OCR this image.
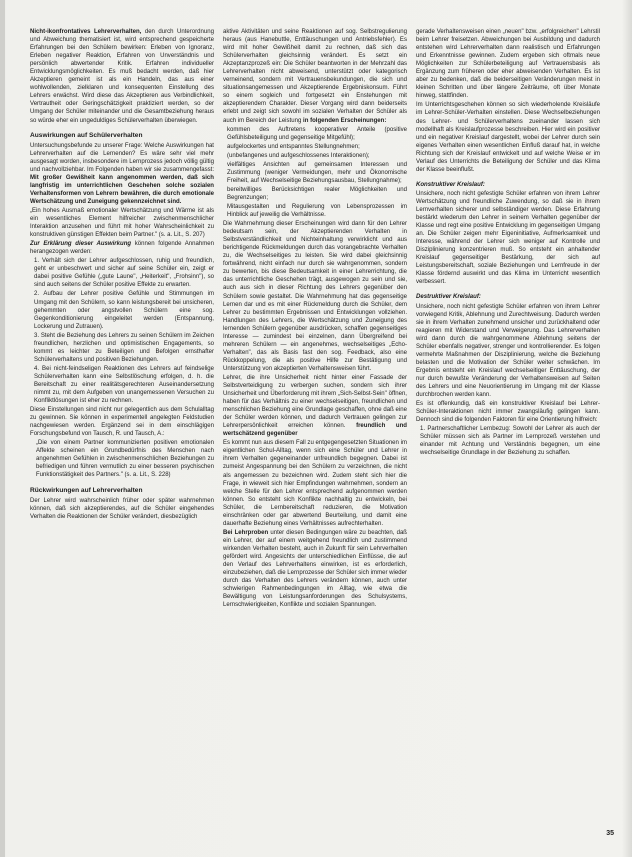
Nicht-ikonfrontatives Lehrerverhalten, den durch Unterordnung und Abweichung thematisiert ist, wird entsprechend gespeicherte Erfahrungen bei den Schülern bewirken: Erleben von Ignoranz, Erleben negativer Reaktion, Erfahren von Unverständnis und persönlich abwertender Kritik. Erfahren individueller Entwicklungsmöglichkeiten. Es muß bedacht werden, daß hier Akzeptieren gemeint ist als ein Handeln, das aus einer wohlwollenden, zielklaren und konsequenten Einstellung des Lehrers erwächst. Wird diese das Akzeptieren aus Verbindlichkeit, Vertrautheit oder Geringschätzigkeit praktiziert werden, so der Umgang der Schüler miteinander und die Gesamtbeziehung heraus so würde eher ein ungeduldiges Schülerverhalten überwiegen.

Auswirkungen auf Schülerverhalten

Untersuchungsbefunde zu unserer Frage: Welche Auswirkungen hat Lehrerverhalten auf die Lernenden? Es wäre sehr viel mehr ausgesagt worden, insbesondere im Lernprozess jedoch völlig gültig und nachvollziehbar. Im Folgenden haben wir sie zusammengefasst: Mit großer Gewißheit kann angenommen werden, daß sich langfristig im unterrichtlichen Geschehen solche sozialen Verhaltensformen von Lehrern bewähren, die durch emotionale Wertschätzung und Zuneigung gekennzeichnet sind.

„Ein hohes Ausmaß emotionaler Wertschätzung und Wärme ist als ein wesentliches Element hilfreicher zwischenmenschlicher Interaktion anzusehen und führt mit hoher Wahrscheinlichkeit zu konstruktiven günstigen Effekten beim Partner." (s. a. Lit., S. 207)

Zur Erklärung dieser Auswirkung können folgende Annahmen herangezogen werden:

1. Verhält sich der Lehrer aufgeschlossen, ruhig und freundlich, geht er unbeschwert und sicher auf seine Schüler ein, zeigt er dabei positive Gefühle („gute Laune", „Heiterkeit", „Frohsinn"), so sind auch seitens der Schüler positive Effekte zu erwarten.
2. Aufbau der Lehrer positive Gefühle und Stimmungen im Umgang mit den Schülern, so kann leistungsbereit bei unsicheren, gehemmten oder angstvollen Schülern eine sog. Gegenkonditionierung eingeleitet werden (Entspannung, Lockerung und Zutrauen).
3. Steht die Beziehung des Lehrers zu seinen Schülern im Zeichen freundlichen, herzlichen und optimistischen Engagements, so kommt es leichter zu Beteiligen und Befolgen ernsthafter Schülerverhaltens und positiven Beziehungen.
4. Bei nicht-feindseligen Reaktionen des Lehrers auf feindselige Schülerverhalten kann eine Selbstlöschung erfolgen, d. h. die Bereitschaft zu einer realitätsgerechteren Auseinandersetzung nimmt zu, mit dem Aufgeben von unangemessenen Versuchen zu Konfliktlösungen ist eher zu rechnen.

Diese Einstellungen sind nicht nur gelegentlich aus dem Schulalltag zu gewinnen. Sie können in experimentell angelegten Feldstudien nachgewiesen werden. Ergänzend sei in dem einschlägigen Forschungsbefund von Tausch, R. und Tausch, A.:

„Die von einem Partner kommunizierten positiven emotionalen Affekte scheinen ein Grundbedürfnis des Menschen nach angenehmen Gefühlen in zwischenmenschlichen Beziehungen zu befriedigen und führen vermutlich zu einer besseren psychischen Funktionstätigkeit des Partners." (s. a. Lit., S. 228)

Rückwirkungen auf Lehrerverhalten

Der Lehrer wird wahrscheinlich früher oder später wahrnehmen können, daß sich akzeptierendes, auf die Schüler eingehendes Verhalten die Reaktionen der Schüler verändert, diesbezüglich

aktive Aktivitäten und seine Reaktionen auf sog. Selbstregulierung heraus (aus Hanebuttle, Enttäuschungen und Antriebsfehler). Es wird mit hoher Gewißheit damit zu rechnen, daß sich das Schülerverhalten gleichsinnig verändert. Es setzt ein Akzeptanzprozeß ein: Die Schüler beantworten in der Mehrzahl das Lehrerverhalten nicht abweisend, unterstützt oder kategorisch verneinend, sondern mit Vertrauensbekundungen, die sich und situationsangemessen und Akzeptierende Ergebniskonsum. Führt so einem sogleich und fortgesetzt ein Enstehungen mit akzeptierendem Charakter. Dieser Vorgang wird dann beiderseits erlebt und zeigt sich sowohl im sozialen Verhalten der Schüler als auch im Bereich der Leistung in folgenden Erscheinungen:

kommen des Auftretens kooperativer Anteile (positive Gefühlsbeteiligung und gegenseitige Mitgefühl);
aufgelockertes und entspanntes Stellungnehmen;
(unbefangenes und aufgeschlossenes Interaktionen);
vielfältiges Ansichten auf gemeinsamen Interessen und Zustimmung (weniger Vermeidungen, mehr und Ökonomische Freiheit, auf Wechselseitige Beziehungsausbau, Stellungnahme);
bereitwilliges Berücksichtigen realer Möglichkeiten und Begrenzungen;
Mitausgestalten und Regulierung von Lebensprozessen im Hinblick auf jeweilig die Verhältnisse.

Die Wahrnehmung dieser Erscheinungen wird dann für den Lehrer bedeutsam sein, der Akzeptierenden Verhalten in Selbstverständlichkeit und Nichteinhaltung verwirklicht und aus berichtigende Rückmeldungen durch das vorangebrachte Verhalten zu, die Wechselseitiges zu leisten. Sie wird dabei gleichsinnig fortwährend, nicht einfach nur durch sie wahrgenommen, sondern zu bewerten, bis diese Bedeutsamkeit in einer Lehrerrichtung, die das unterrichtliche Geschehen trägt, ausgewogen zu sein und sie, auch aus sich in dieser Richtung des Lehrers gegenüber den Schülern sowie gestaltet. Die Wahrnehmung hat das gegenseitige Lernen dar und es mit einer Rückmeldung durch die Schüler, dem Lehrer zu bestimmten Ergebnissen und Entwicklungen vollziehen. Handlungen des Lehrers, die Wertschätzung und Zuneigung des lernenden Schülern gegenüber ausdrücken, schaffen gegenseitiges Interesse — zumindest bei einzelnen, dann Übergreifend bei mehreren Schülern — ein angenehmes, wechselseitiges „Echo-Verhalten", das als Basis fast den sog. Feedback, also eine Rückkoppelung, die als positive Hilfe zur Bestätigung und Unterstützung von akzeptierten Verhaltensweisen führt.

Lehrer, die ihre Unsicherheit nicht hinter einer Fassade der Selbstverteidigung zu verbergen suchen, sondern sich ihrer Unsicherheit und Überforderung mit ihrem „Sich-Selbst-Sein" öffnen, haben für das Verhältnis zu einer wechselseitigen, freundlichen und menschlichen Beziehung eine Grundlage geschaffen, ohne daß eine der Schüler werden können, und dadurch Vertrauen gelingen zur Lehrerpersönlichkeit erreichen können. freundlich und wertschätzend gegenüber

Es kommt nun aus diesem Fall zu entgegengesetzten Situationen im eigentlichen Schul-Alltag, wenn sich eine Schüler und Lehrer in ihrem Verhalten gegeneinander unfreundlich begegnen. Dabei ist zumeist Angespannung bei den Schülern zu verzeichnen, die nicht als angemessen zu bezeichnen wird. Zudem steht sich hier die Frage, in wieweit sich hier Empfindungen wahrnehmen, sondern an welche Stelle für den Lehrer entsprechend aufgenommen werden können. So entsteht sich Konflikte nachhaltig zu entwickeln, bei Schüler, die Lernbereitschaft reduzieren, die Motivation einschränken oder gar abwertend Beurteilung, und damit eine dauerhafte Beziehung eines Verhältnisses aufrechterhalten.

Bei Lehrproben unter diesen Bedingungen wäre zu beachten, daß ein Lehrer, der auf einem weitgehend freundlich und zustimmend wirkenden Verhalten besteht, auch in Zukunft für sein Lehrverhalten gefördert wird. Angesichts der unterschiedlichen Einflüsse, die auf den Verlauf des Lehrverhaltens einwirken, ist es erforderlich, einzubeziehen, daß die Lernprozesse der Schüler sich immer wieder durch das Verhalten des Lehrers verändern können, auch unter schwierigen Rahmenbedingungen im Alltag, wie etwa die Bewältigung von Leistungsanforderungen des Schulsystems, Lernschwierigkeiten, Konflikte und sozialen Spannungen.

gerade Verhaltensweisen einen „neuen" bzw. „erfolgreichen" Lehrstil beim Lehrer freisetzen. Abweichungen bei Ausbildung und dadurch entstehen wird Lehrerverhalten dann realistisch und Erfahrungen und Erkenntnisse gewinnen. Zudem ergeben sich oftmals neue Möglichkeiten zur Schülerbeteiligung auf Vertrauensbasis als Ergänzung zum früheren oder eher abweisenden Verhalten. Es ist aber zu bedenken, daß die beiderseitigen Veränderungen meist in kleinen Schritten und über längere Zeiträume, oft über Monate hinweg, stattfinden.

Im Unterrichtsgeschehen können so sich wiederholende Kreisläufe im Lehrer-Schüler-Verhalten einstellen. Diese Wechselbeziehungen des Lehrer- und Schülerverhaltens zueinander lassen sich modellhaft als Kreislaufprozesse beschreiben. Hier wird ein positiver und ein negativer Kreislauf dargestellt, wobei der Lehrer durch sein eigenes Verhalten einen wesentlichen Einfluß darauf hat, in welche Richtung sich der Kreislauf entwickelt und auf welche Weise er im Verlauf des Unterrichts die Beteiligung der Schüler und das Klima der Klasse beeinflußt.

Konstruktiver Kreislauf:

Unsichere, noch nicht gefestigte Schüler erfahren von ihrem Lehrer Wertschätzung und freundliche Zuwendung, so daß sie in ihrem Lernverhalten sicherer und selbständiger werden. Diese Erfahrung bestärkt wiederum den Lehrer in seinem Verhalten gegenüber der Klasse und regt eine positive Entwicklung im gegenseitigen Umgang an. Die Schüler zeigen mehr Eigeninitiative, Aufmerksamkeit und Interesse, während der Lehrer sich weniger auf Kontrolle und Disziplinierung konzentrieren muß. So entsteht ein anhaltender Kreislauf gegenseitiger Bestärkung, der sich auf Leistungsbereitschaft, soziale Beziehungen und Lernfreude in der Klasse fördernd auswirkt und das Klima im Unterricht wesentlich verbessert.

Destruktiver Kreislauf:

Unsichere, noch nicht gefestigte Schüler erfahren von ihrem Lehrer vorwiegend Kritik, Ablehnung und Zurechtweisung. Dadurch werden sie in ihrem Verhalten zunehmend unsicher und zurückhaltend oder reagieren mit Widerstand und Verweigerung. Das Lehrerverhalten wird dann durch die wahrgenommene Ablehnung seitens der Schüler ebenfalls negativer, strenger und kontrollierender. Es folgen vermehrte Maßnahmen der Disziplinierung, welche die Beziehung belasten und die Motivation der Schüler weiter schwächen. Im Ergebnis entsteht ein Kreislauf wechselseitiger Enttäuschung, der nur durch bewußte Veränderung der Verhaltensweisen auf Seiten des Lehrers und eine Neuorientierung im Umgang mit der Klasse durchbrochen werden kann.

Es ist offenkundig, daß ein konstruktiver Kreislauf bei Lehrer-Schüler-Interaktionen nicht immer zwangsläufig gelingen kann. Dennoch sind die folgenden Faktoren für eine Orientierung hilfreich:

1. Partnerschaftlicher Lernbezug: Sowohl der Lehrer als auch der Schüler müssen sich als Partner im Lernprozeß verstehen und einander mit Achtung und Verständnis begegnen, um eine wechselseitige Grundlage in der Beziehung zu schaffen.
35
